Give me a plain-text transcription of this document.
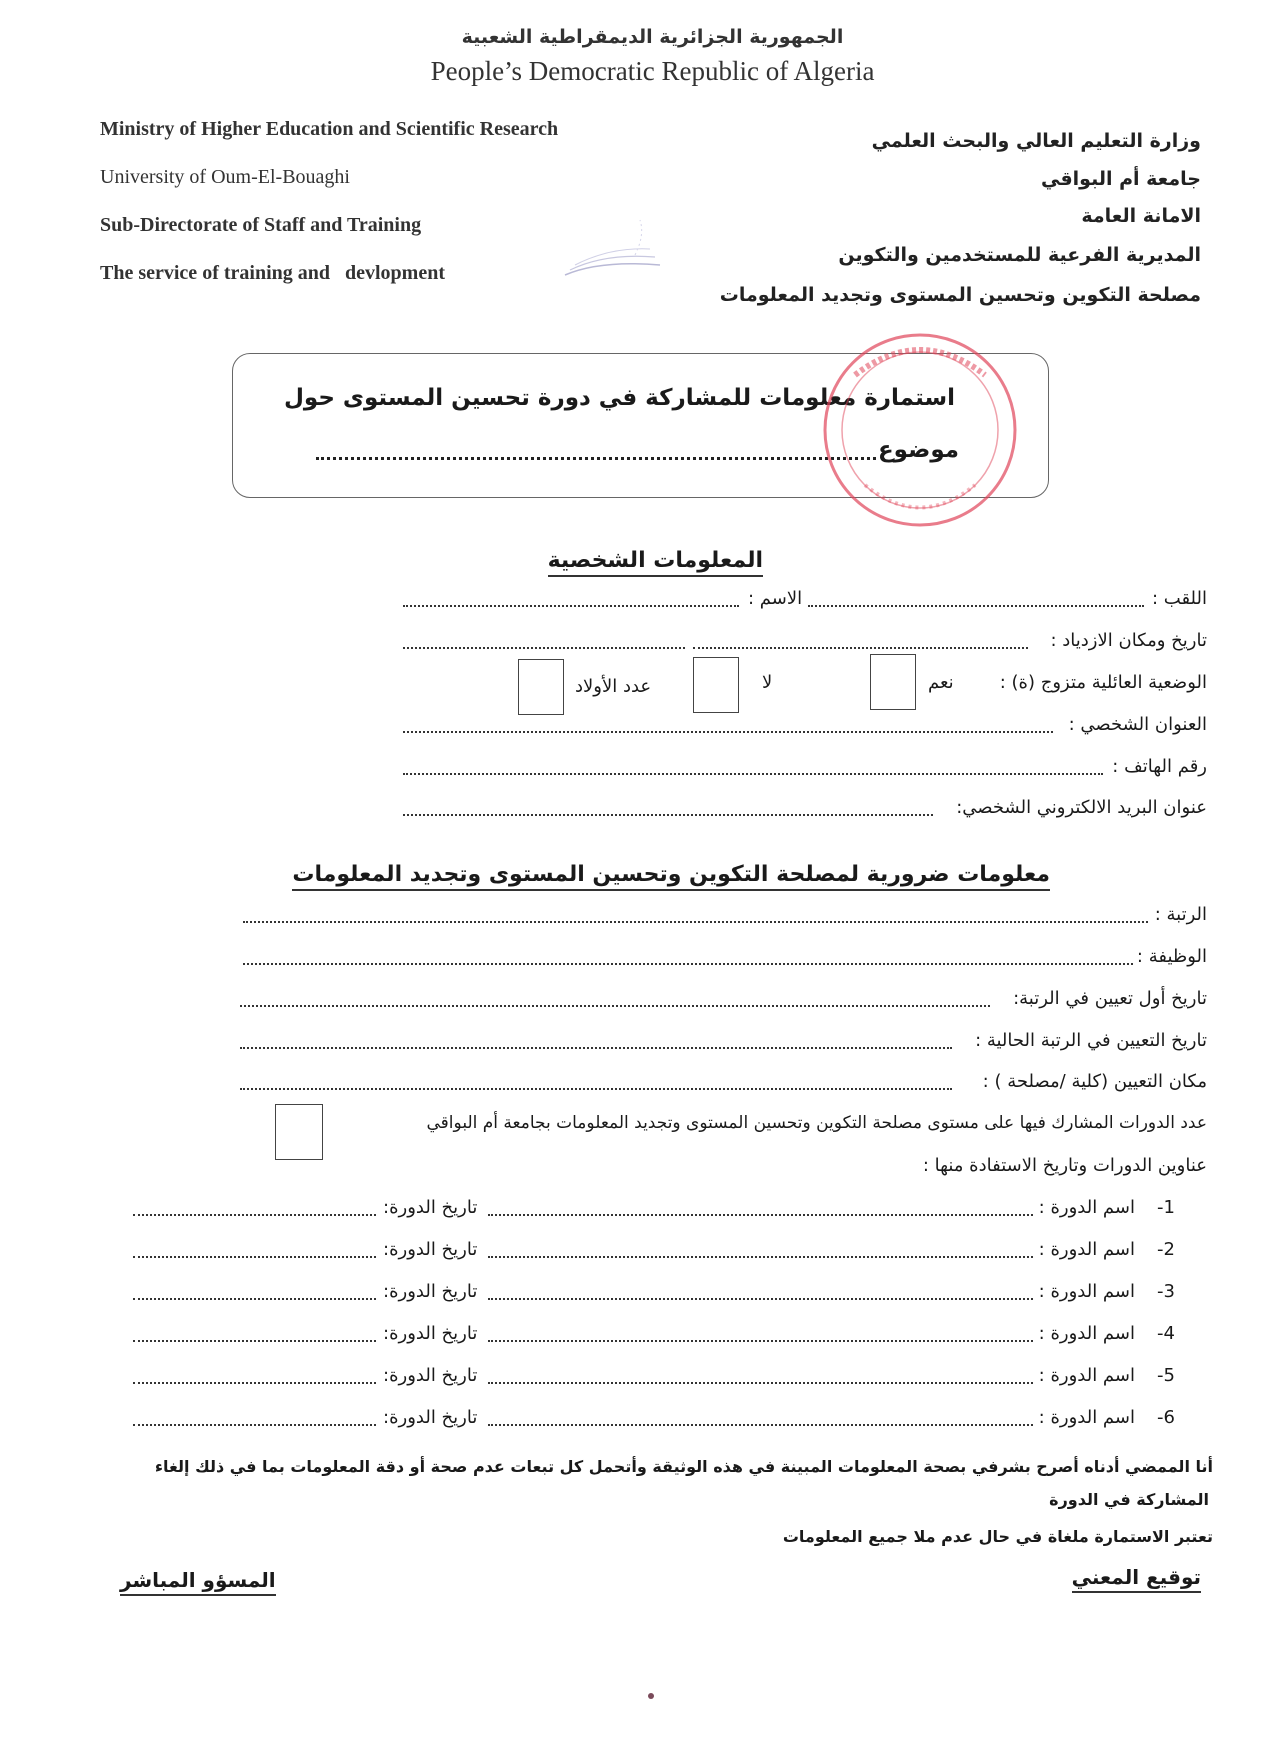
الجمهورية الجزائرية الديمقراطية الشعبية
People’s Democratic Republic of Algeria
Ministry of Higher Education and Scientific Research
University of Oum-El-Bouaghi
Sub-Directorate of Staff and Training
The service of training and   devlopment
وزارة التعليم العالي والبحث العلمي
جامعة أم البواقي
الامانة العامة
المديرية الفرعية للمستخدمين والتكوين
مصلحة التكوين وتحسين المستوى وتجديد المعلومات
استمارة معلومات للمشاركة في دورة تحسين المستوى حول
موضوع
المعلومات الشخصية
اللقب :
الاسم :
تاريخ ومكان الازدياد :
الوضعية العائلية متزوج (ة) :
نعم
لا
عدد الأولاد
العنوان الشخصي :
رقم الهاتف :
عنوان البريد الالكتروني الشخصي:
معلومات ضرورية لمصلحة التكوين وتحسين المستوى وتجديد المعلومات
الرتبة :
الوظيفة :
تاريخ أول تعيين في الرتبة:
تاريخ التعيين في الرتبة الحالية :
مكان التعيين (كلية /مصلحة ) :
عدد الدورات المشارك فيها على مستوى مصلحة التكوين وتحسين المستوى وتجديد المعلومات بجامعة أم البواقي
عناوين الدورات وتاريخ الاستفادة منها :
-1
اسم الدورة :
تاريخ الدورة:
-2
اسم الدورة :
تاريخ الدورة:
-3
اسم الدورة :
تاريخ الدورة:
-4
اسم الدورة :
تاريخ الدورة:
-5
اسم الدورة :
تاريخ الدورة:
-6
اسم الدورة :
تاريخ الدورة:
أنا الممضي أدناه أصرح بشرفي بصحة المعلومات المبينة في هذه الوثيقة وأتحمل كل تبعات عدم صحة أو دقة المعلومات بما في ذلك إلغاء
المشاركة في الدورة
تعتبر الاستمارة ملغاة في حال عدم ملا جميع المعلومات
توقيع المعني
المسؤو المباشر
